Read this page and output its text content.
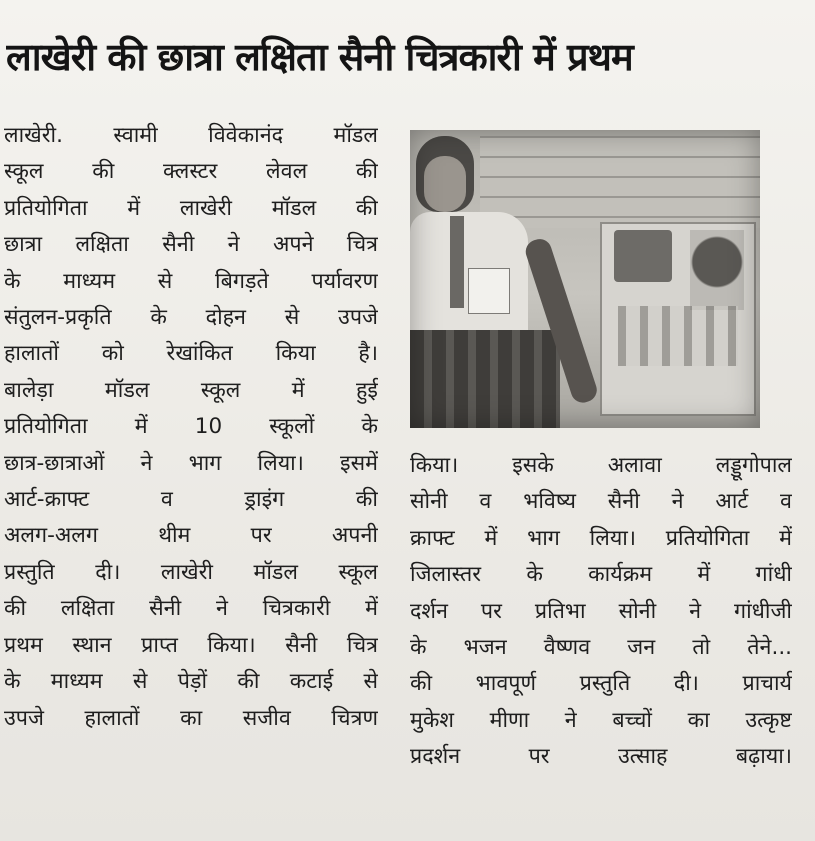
लाखेरी की छात्रा लक्षिता सैनी चित्रकारी में प्रथम
लाखेरी. स्वामी विवेकानंद मॉडल
स्कूल की क्लस्टर लेवल की
प्रतियोगिता में लाखेरी मॉडल की
छात्रा लक्षिता सैनी ने अपने चित्र
के माध्यम से बिगड़ते पर्यावरण
संतुलन-प्रकृति के दोहन से उपजे
हालातों को रेखांकित किया है।
बालेड़ा मॉडल स्कूल में हुई
प्रतियोगिता में 10 स्कूलों के
छात्र-छात्राओं ने भाग लिया। इसमें
आर्ट-क्राफ्ट व ड्राइंग की
अलग-अलग थीम पर अपनी
प्रस्तुति दी। लाखेरी मॉडल स्कूल
की लक्षिता सैनी ने चित्रकारी में
प्रथम स्थान प्राप्त किया। सैनी चित्र
के माध्यम से पेड़ों की कटाई से
उपजे हालातों का सजीव चित्रण
किया। इसके अलावा लड्डूगोपाल
सोनी व भविष्य सैनी ने आर्ट व
क्राफ्ट में भाग लिया। प्रतियोगिता में
जिलास्तर के कार्यक्रम में गांधी
दर्शन पर प्रतिभा सोनी ने गांधीजी
के भजन वैष्णव जन तो तेने...
की भावपूर्ण प्रस्तुति दी। प्राचार्य
मुकेश मीणा ने बच्चों का उत्कृष्ट
प्रदर्शन पर उत्साह बढ़ाया।
